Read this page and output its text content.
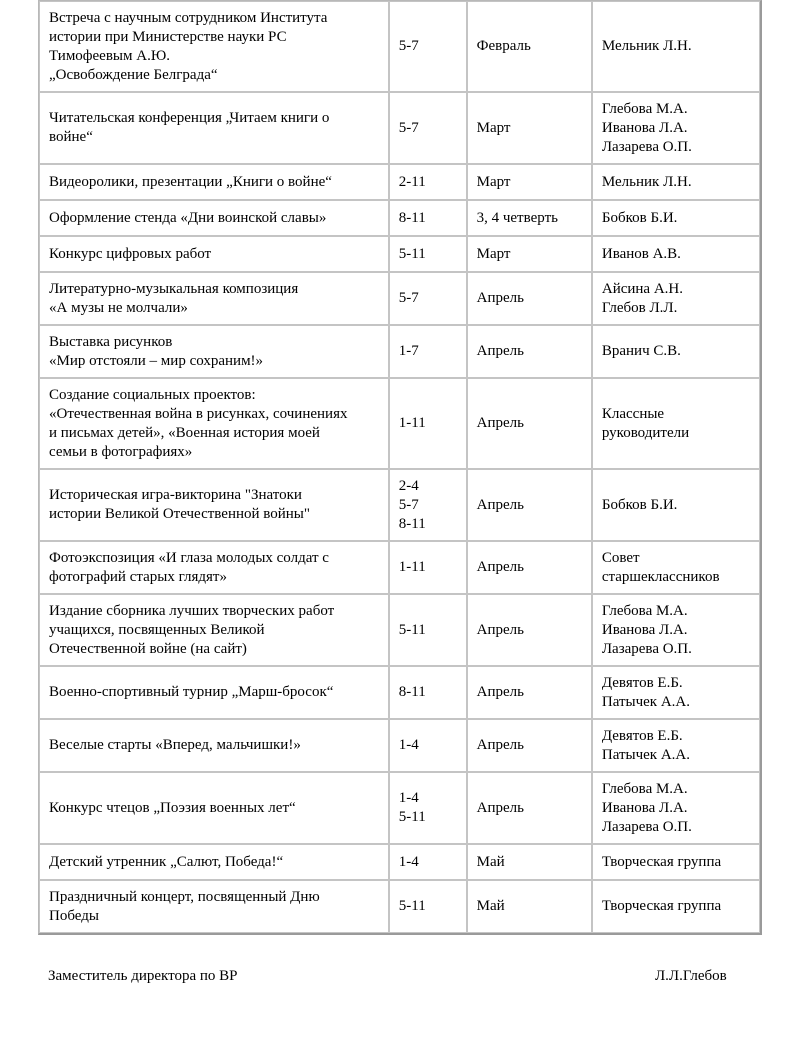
Встреча с научным сотрудником Института
истории при Министерстве науки РС
Тимофеевым А.Ю.
„Освобождение Белграда“	5-7	Февраль	Мельник Л.Н.

Читательская конференция „Читаем книги о
войне“	5-7	Март	Глебова М.А.
Иванова Л.А.
Лазарева О.П.

Видеоролики, презентации „Книги о войне“	2-11	Март	Мельник Л.Н.

Оформление стенда «Дни воинской славы»	8-11	3, 4 четверть	Бобков Б.И.

Конкурс цифровых работ	5-11	Март	Иванов А.В.

Литературно-музыкальная композиция
«А музы не молчали»	5-7	Апрель	Айсина А.Н.
Глебов Л.Л.

Выставка рисунков
«Мир отстояли – мир сохраним!»	1-7	Апрель	Вранич С.В.

Создание социальных проектов:
«Отечественная война в рисунках, сочинениях
и письмах детей», «Военная история моей
семьи в фотографиях»	1-11	Апрель	Классные
руководители

Историческая игра-викторина "Знатоки
истории Великой Отечественной войны"	2-4
5-7
8-11	Апрель	Бобков Б.И.

Фотоэкспозиция «И глаза молодых солдат с
фотографий старых глядят»	1-11	Апрель	Совет
старшеклассников

Издание сборника лучших творческих работ
учащихся, посвященных Великой
Отечественной войне (на сайт)	5-11	Апрель	Глебова М.А.
Иванова Л.А.
Лазарева О.П.

Военно-спортивный турнир „Марш-бросок“	8-11	Апрель	Девятов Е.Б.
Патычек А.А.

Веселые старты «Вперед, мальчишки!»	1-4	Апрель	Девятов Е.Б.
Патычек А.А.

Конкурс чтецов „Поэзия военных лет“	1-4
5-11	Апрель	Глебова М.А.
Иванова Л.А.
Лазарева О.П.

Детский утренник „Салют, Победа!“	1-4	Май	Творческая группа

Праздничный концерт, посвященный Дню
Победы	5-11	Май	Творческая группа
Заместитель директора по ВР	Л.Л.Глебов
